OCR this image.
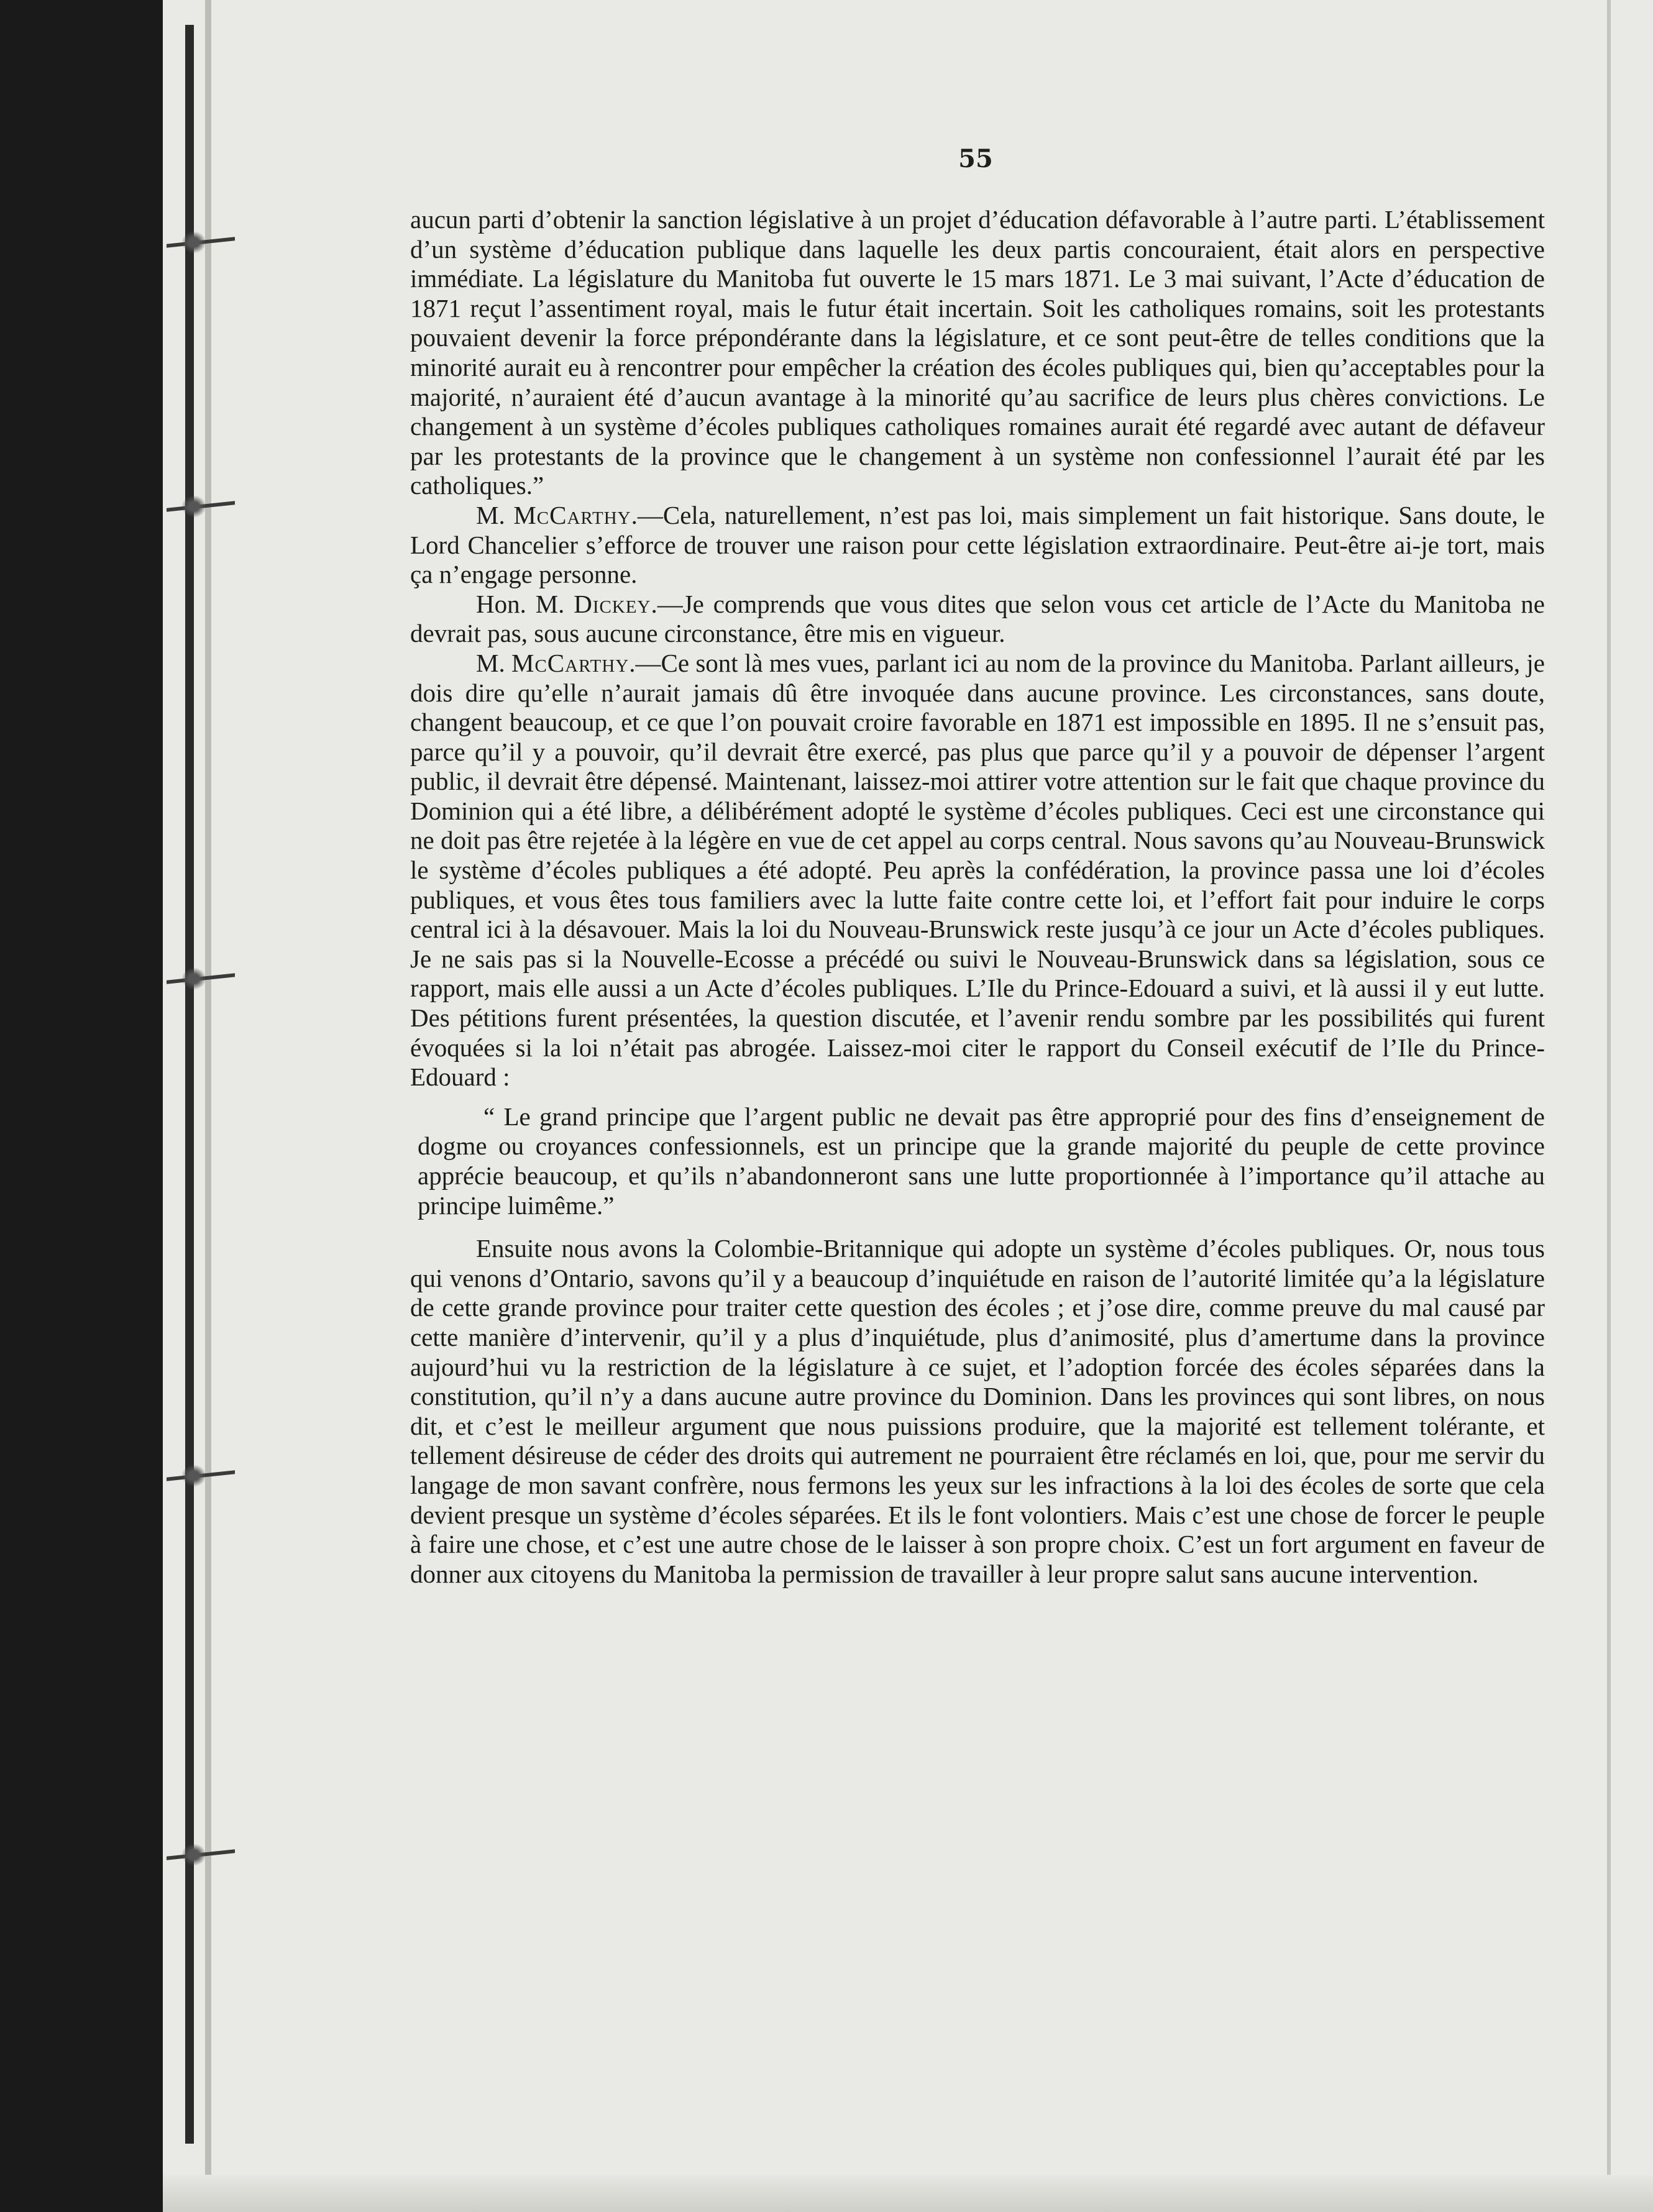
55

aucun parti d’obtenir la sanction législative à un projet d’éducation défavorable à l’autre parti. L’établissement d’un système d’éducation publique dans laquelle les deux partis concouraient, était alors en perspective immédiate. La législature du Manitoba fut ouverte le 15 mars 1871. Le 3 mai suivant, l’Acte d’éducation de 1871 reçut l’assentiment royal, mais le futur était incertain. Soit les catholiques romains, soit les protestants pouvaient devenir la force prépondérante dans la législature, et ce sont peut-être de telles conditions que la minorité aurait eu à rencontrer pour empêcher la création des écoles publiques qui, bien qu’acceptables pour la majorité, n’auraient été d’aucun avantage à la minorité qu’au sacrifice de leurs plus chères convictions. Le changement à un système d’écoles publiques catholiques romaines aurait été regardé avec autant de défaveur par les protestants de la province que le changement à un système non confessionnel l’aurait été par les catholiques.”

M. McCarthy.—Cela, naturellement, n’est pas loi, mais simplement un fait historique. Sans doute, le Lord Chancelier s’efforce de trouver une raison pour cette législation extraordinaire. Peut-être ai-je tort, mais ça n’engage personne.

Hon. M. Dickey.—Je comprends que vous dites que selon vous cet article de l’Acte du Manitoba ne devrait pas, sous aucune circonstance, être mis en vigueur.

M. McCarthy.—Ce sont là mes vues, parlant ici au nom de la province du Manitoba. Parlant ailleurs, je dois dire qu’elle n’aurait jamais dû être invoquée dans aucune province. Les circonstances, sans doute, changent beaucoup, et ce que l’on pouvait croire favorable en 1871 est impossible en 1895. Il ne s’ensuit pas, parce qu’il y a pouvoir, qu’il devrait être exercé, pas plus que parce qu’il y a pouvoir de dépenser l’argent public, il devrait être dépensé. Maintenant, laissez-moi attirer votre attention sur le fait que chaque province du Dominion qui a été libre, a délibérément adopté le système d’écoles publiques. Ceci est une circonstance qui ne doit pas être rejetée à la légère en vue de cet appel au corps central. Nous savons qu’au Nouveau-Brunswick le système d’écoles publiques a été adopté. Peu après la confédération, la province passa une loi d’écoles publiques, et vous êtes tous familiers avec la lutte faite contre cette loi, et l’effort fait pour induire le corps central ici à la désavouer. Mais la loi du Nouveau-Brunswick reste jusqu’à ce jour un Acte d’écoles publiques. Je ne sais pas si la Nouvelle-Ecosse a précédé ou suivi le Nouveau-Brunswick dans sa législation, sous ce rapport, mais elle aussi a un Acte d’écoles publiques. L’Ile du Prince-Edouard a suivi, et là aussi il y eut lutte. Des pétitions furent présentées, la question discutée, et l’avenir rendu sombre par les possibilités qui furent évoquées si la loi n’était pas abrogée. Laissez-moi citer le rapport du Conseil exécutif de l’Ile du Prince-Edouard :

“ Le grand principe que l’argent public ne devait pas être approprié pour des fins d’enseignement de dogme ou croyances confessionnels, est un principe que la grande majorité du peuple de cette province apprécie beaucoup, et qu’ils n’abandonneront sans une lutte proportionnée à l’importance qu’il attache au principe luimême.”

Ensuite nous avons la Colombie-Britannique qui adopte un système d’écoles publiques. Or, nous tous qui venons d’Ontario, savons qu’il y a beaucoup d’inquiétude en raison de l’autorité limitée qu’a la législature de cette grande province pour traiter cette question des écoles ; et j’ose dire, comme preuve du mal causé par cette manière d’intervenir, qu’il y a plus d’inquiétude, plus d’animosité, plus d’amertume dans la province aujourd’hui vu la restriction de la législature à ce sujet, et l’adoption forcée des écoles séparées dans la constitution, qu’il n’y a dans aucune autre province du Dominion. Dans les provinces qui sont libres, on nous dit, et c’est le meilleur argument que nous puissions produire, que la majorité est tellement tolérante, et tellement désireuse de céder des droits qui autrement ne pourraient être réclamés en loi, que, pour me servir du langage de mon savant confrère, nous fermons les yeux sur les infractions à la loi des écoles de sorte que cela devient presque un système d’écoles séparées. Et ils le font volontiers. Mais c’est une chose de forcer le peuple à faire une chose, et c’est une autre chose de le laisser à son propre choix. C’est un fort argument en faveur de donner aux citoyens du Manitoba la permission de travailler à leur propre salut sans aucune intervention.
